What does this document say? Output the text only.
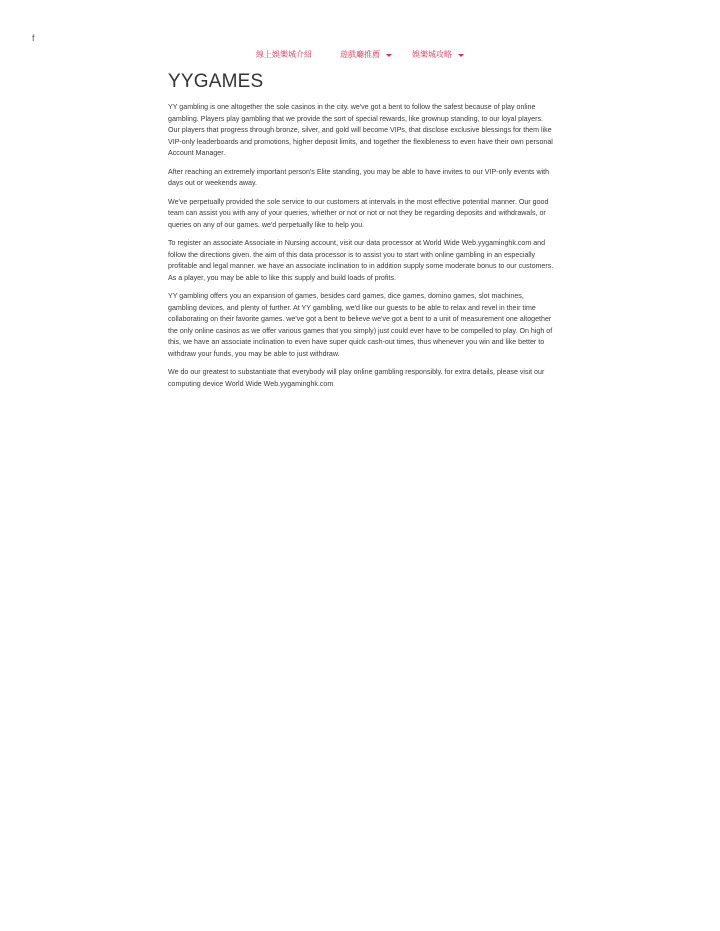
f
線上娛樂城介紹	遊戲廳推薦	娛樂城攻略
YYGAMES

YY gambling is one altogether the sole casinos in the city. we've got a bent to follow the safest because of play online gambling. Players play gambling that we provide the sort of special rewards, like grownup standing, to our loyal players. Our players that progress through bronze, silver, and gold will become VIPs, that disclose exclusive blessings for them like VIP-only leaderboards and promotions, higher deposit limits, and together the flexibleness to even have their own personal Account Manager.

After reaching an extremely important person's Elite standing, you may be able to have invites to our VIP-only events with days out or weekends away.

We've perpetually provided the sole service to our customers at intervals in the most effective potential manner. Our good team can assist you with any of your queries, whether or not or not or not they be regarding deposits and withdrawals, or queries on any of our games. we'd perpetually like to help you.

To register an associate Associate in Nursing account, visit our data processor at World Wide Web.yygaminghk.com and follow the directions given. the aim of this data processor is to assist you to start with online gambling in an especially profitable and legal manner. we have an associate inclination to in addition supply some moderate bonus to our customers. As a player, you may be able to like this supply and build loads of profits.

YY gambling offers you an expansion of games, besides card games, dice games, domino games, slot machines, gambling devices, and plenty of further. At YY gambling, we'd like our guests to be able to relax and revel in their time collaborating on their favorite games. we've got a bent to believe we've got a bent to a unit of measurement one altogether the only online casinos as we offer various games that you simply) just could ever have to be compelled to play. On high of this, we have an associate inclination to even have super quick cash-out times, thus whenever you win and like better to withdraw your funds, you may be able to just withdraw.

We do our greatest to substantiate that everybody will play online gambling responsibly. for extra details, please visit our computing device World Wide Web.yygaminghk.com
